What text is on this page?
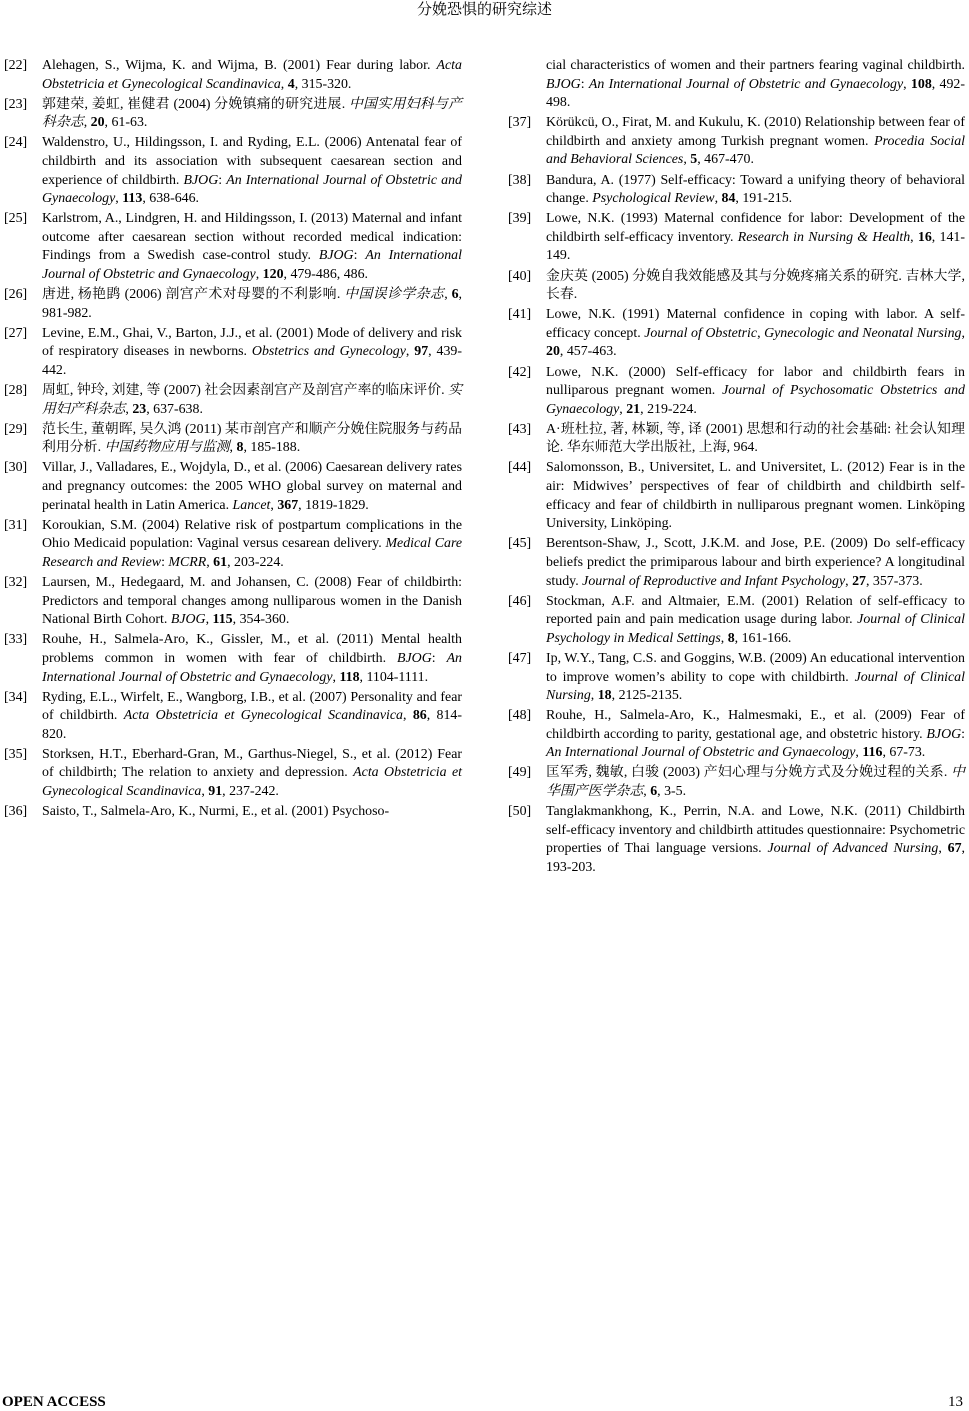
分娩恐惧的研究综述
[22]	Alehagen, S., Wijma, K. and Wijma, B. (2001) Fear during labor. Acta Obstetricia et Gynecological Scandinavica, 4, 315-320.
[23]	郭建荣, 姜虹, 崔健君 (2004) 分娩镇痛的研究进展. 中国实用妇科与产科杂志, 20, 61-63.
[24]	Waldenstro, U., Hildingsson, I. and Ryding, E.L. (2006) Antenatal fear of childbirth and its association with subsequent caesarean section and experience of childbirth. BJOG: An International Journal of Obstetric and Gynaecology, 113, 638-646.
[25]	Karlstrom, A., Lindgren, H. and Hildingsson, I. (2013) Maternal and infant outcome after caesarean section without recorded medical indication: Findings from a Swedish case-control study. BJOG: An International Journal of Obstetric and Gynaecology, 120, 479-486, 486.
[26]	唐进, 杨艳鹍 (2006) 剖宫产术对母婴的不利影响. 中国误诊学杂志, 6, 981-982.
[27]	Levine, E.M., Ghai, V., Barton, J.J., et al. (2001) Mode of delivery and risk of respiratory diseases in newborns. Obstetrics and Gynecology, 97, 439-442.
[28]	周虹, 钟玲, 刘建, 等 (2007) 社会因素剖宫产及剖宫产率的临床评价. 实用妇产科杂志, 23, 637-638.
[29]	范长生, 董朝晖, 吴久鸿 (2011) 某市剖宫产和顺产分娩住院服务与药品利用分析. 中国药物应用与监测, 8, 185-188.
[30]	Villar, J., Valladares, E., Wojdyla, D., et al. (2006) Caesarean delivery rates and pregnancy outcomes: the 2005 WHO global survey on maternal and perinatal health in Latin America. Lancet, 367, 1819-1829.
[31]	Koroukian, S.M. (2004) Relative risk of postpartum complications in the Ohio Medicaid population: Vaginal versus cesarean delivery. Medical Care Research and Review: MCRR, 61, 203-224.
[32]	Laursen, M., Hedegaard, M. and Johansen, C. (2008) Fear of childbirth: Predictors and temporal changes among nulliparous women in the Danish National Birth Cohort. BJOG, 115, 354-360.
[33]	Rouhe, H., Salmela-Aro, K., Gissler, M., et al. (2011) Mental health problems common in women with fear of childbirth. BJOG: An International Journal of Obstetric and Gynaecology, 118, 1104-1111.
[34]	Ryding, E.L., Wirfelt, E., Wangborg, I.B., et al. (2007) Personality and fear of childbirth. Acta Obstetricia et Gynecological Scandinavica, 86, 814-820.
[35]	Storksen, H.T., Eberhard-Gran, M., Garthus-Niegel, S., et al. (2012) Fear of childbirth; The relation to anxiety and depression. Acta Obstetricia et Gynecological Scandinavica, 91, 237-242.
[36]	Saisto, T., Salmela-Aro, K., Nurmi, E., et al. (2001) Psychoso-
cial characteristics of women and their partners fearing vaginal childbirth. BJOG: An International Journal of Obstetric and Gynaecology, 108, 492-498.
[37]	Körükcü, O., Firat, M. and Kukulu, K. (2010) Relationship between fear of childbirth and anxiety among Turkish pregnant women. Procedia Social and Behavioral Sciences, 5, 467-470.
[38]	Bandura, A. (1977) Self-efficacy: Toward a unifying theory of behavioral change. Psychological Review, 84, 191-215.
[39]	Lowe, N.K. (1993) Maternal confidence for labor: Development of the childbirth self-efficacy inventory. Research in Nursing & Health, 16, 141-149.
[40]	金庆英 (2005) 分娩自我效能感及其与分娩疼痛关系的研究. 吉林大学, 长春.
[41]	Lowe, N.K. (1991) Maternal confidence in coping with labor. A self-efficacy concept. Journal of Obstetric, Gynecologic and Neonatal Nursing, 20, 457-463.
[42]	Lowe, N.K. (2000) Self-efficacy for labor and childbirth fears in nulliparous pregnant women. Journal of Psychosomatic Obstetrics and Gynaecology, 21, 219-224.
[43]	A·班杜拉, 著, 林颖, 等, 译 (2001) 思想和行动的社会基础: 社会认知理论. 华东师范大学出版社, 上海, 964.
[44]	Salomonsson, B., Universitet, L. and Universitet, L. (2012) Fear is in the air: Midwives’ perspectives of fear of childbirth and childbirth self-efficacy and fear of childbirth in nulliparous pregnant women. Linköping University, Linköping.
[45]	Berentson-Shaw, J., Scott, J.K.M. and Jose, P.E. (2009) Do self-efficacy beliefs predict the primiparous labour and birth experience? A longitudinal study. Journal of Reproductive and Infant Psychology, 27, 357-373.
[46]	Stockman, A.F. and Altmaier, E.M. (2001) Relation of self-efficacy to reported pain and pain medication usage during labor. Journal of Clinical Psychology in Medical Settings, 8, 161-166.
[47]	Ip, W.Y., Tang, C.S. and Goggins, W.B. (2009) An educational intervention to improve women’s ability to cope with childbirth. Journal of Clinical Nursing, 18, 2125-2135.
[48]	Rouhe, H., Salmela-Aro, K., Halmesmaki, E., et al. (2009) Fear of childbirth according to parity, gestational age, and obstetric history. BJOG: An International Journal of Obstetric and Gynaecology, 116, 67-73.
[49]	匡军秀, 魏敏, 白骏 (2003) 产妇心理与分娩方式及分娩过程的关系. 中华围产医学杂志, 6, 3-5.
[50]	Tanglakmankhong, K., Perrin, N.A. and Lowe, N.K. (2011) Childbirth self-efficacy inventory and childbirth attitudes questionnaire: Psychometric properties of Thai language versions. Journal of Advanced Nursing, 67, 193-203.
OPEN ACCESS	13
